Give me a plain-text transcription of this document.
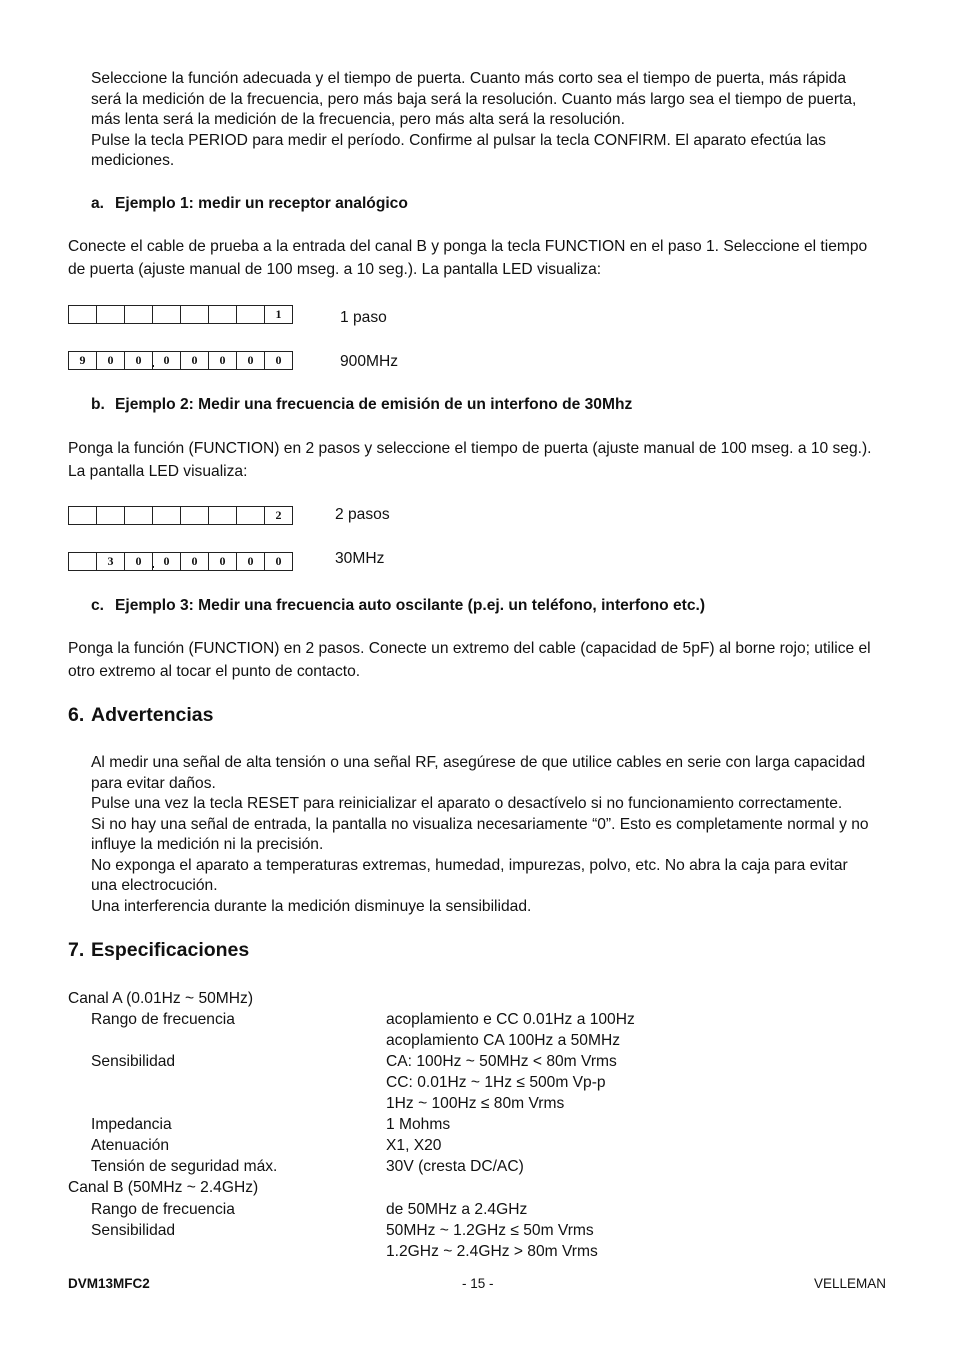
Seleccione la función adecuada y el tiempo de puerta. Cuanto más corto sea el tiempo de puerta, más rápida
será la medición de la frecuencia, pero más baja será la resolución. Cuanto más largo sea el tiempo de puerta,
más lenta será la medición de la frecuencia, pero más alta será la resolución.
Pulse la tecla PERIOD para medir el período. Confirme al pulsar la tecla CONFIRM. El aparato efectúa las
mediciones.
a. Ejemplo 1: medir un receptor analógico
Conecte el cable de prueba a la entrada del canal B y ponga la tecla FUNCTION en el paso 1. Seleccione el tiempo
de puerta (ajuste manual de 100 mseg. a 10 seg.). La pantalla LED visualiza:
1	1 paso
9	0	0	0	0	0	0	0	900MHz
b. Ejemplo 2: Medir una frecuencia de emisión de un interfono de 30Mhz
Ponga la función (FUNCTION) en 2 pasos y seleccione el tiempo de puerta (ajuste manual de 100 mseg. a 10 seg.).
La pantalla LED visualiza:
2	2 pasos
3	0	0	0	0	0	0	30MHz
c. Ejemplo 3: Medir una frecuencia auto oscilante (p.ej. un teléfono, interfono etc.)
Ponga la función (FUNCTION) en 2 pasos. Conecte un extremo del cable (capacidad de 5pF) al borne rojo; utilice el
otro extremo al tocar el punto de contacto.
6. Advertencias
Al medir una señal de alta tensión o una señal RF, asegúrese de que utilice cables en serie con larga capacidad
para evitar daños.
Pulse una vez la tecla RESET para reinicializar el aparato o desactívelo si no funcionamiento correctamente.
Si no hay una señal de entrada, la pantalla no visualiza necesariamente “0”. Esto es completamente normal y no
influye la medición ni la precisión.
No exponga el aparato a temperaturas extremas, humedad, impurezas, polvo, etc. No abra la caja para evitar
una electrocución.
Una interferencia durante la medición disminuye la sensibilidad.
7. Especificaciones
Canal A (0.01Hz ~ 50MHz)
Rango de frecuencia	acoplamiento e CC 0.01Hz a 100Hz
acoplamiento CA 100Hz a 50MHz
Sensibilidad	CA: 100Hz ~ 50MHz < 80m Vrms
CC: 0.01Hz ~ 1Hz ≤ 500m Vp-p
1Hz ~ 100Hz ≤ 80m Vrms
Impedancia	1 Mohms
Atenuación	X1, X20
Tensión de seguridad máx.	30V (cresta DC/AC)
Canal B (50MHz ~ 2.4GHz)
Rango de frecuencia	de 50MHz a 2.4GHz
Sensibilidad	50MHz ~ 1.2GHz ≤ 50m Vrms
1.2GHz ~ 2.4GHz > 80m Vrms
DVM13MFC2	- 15 -	VELLEMAN
